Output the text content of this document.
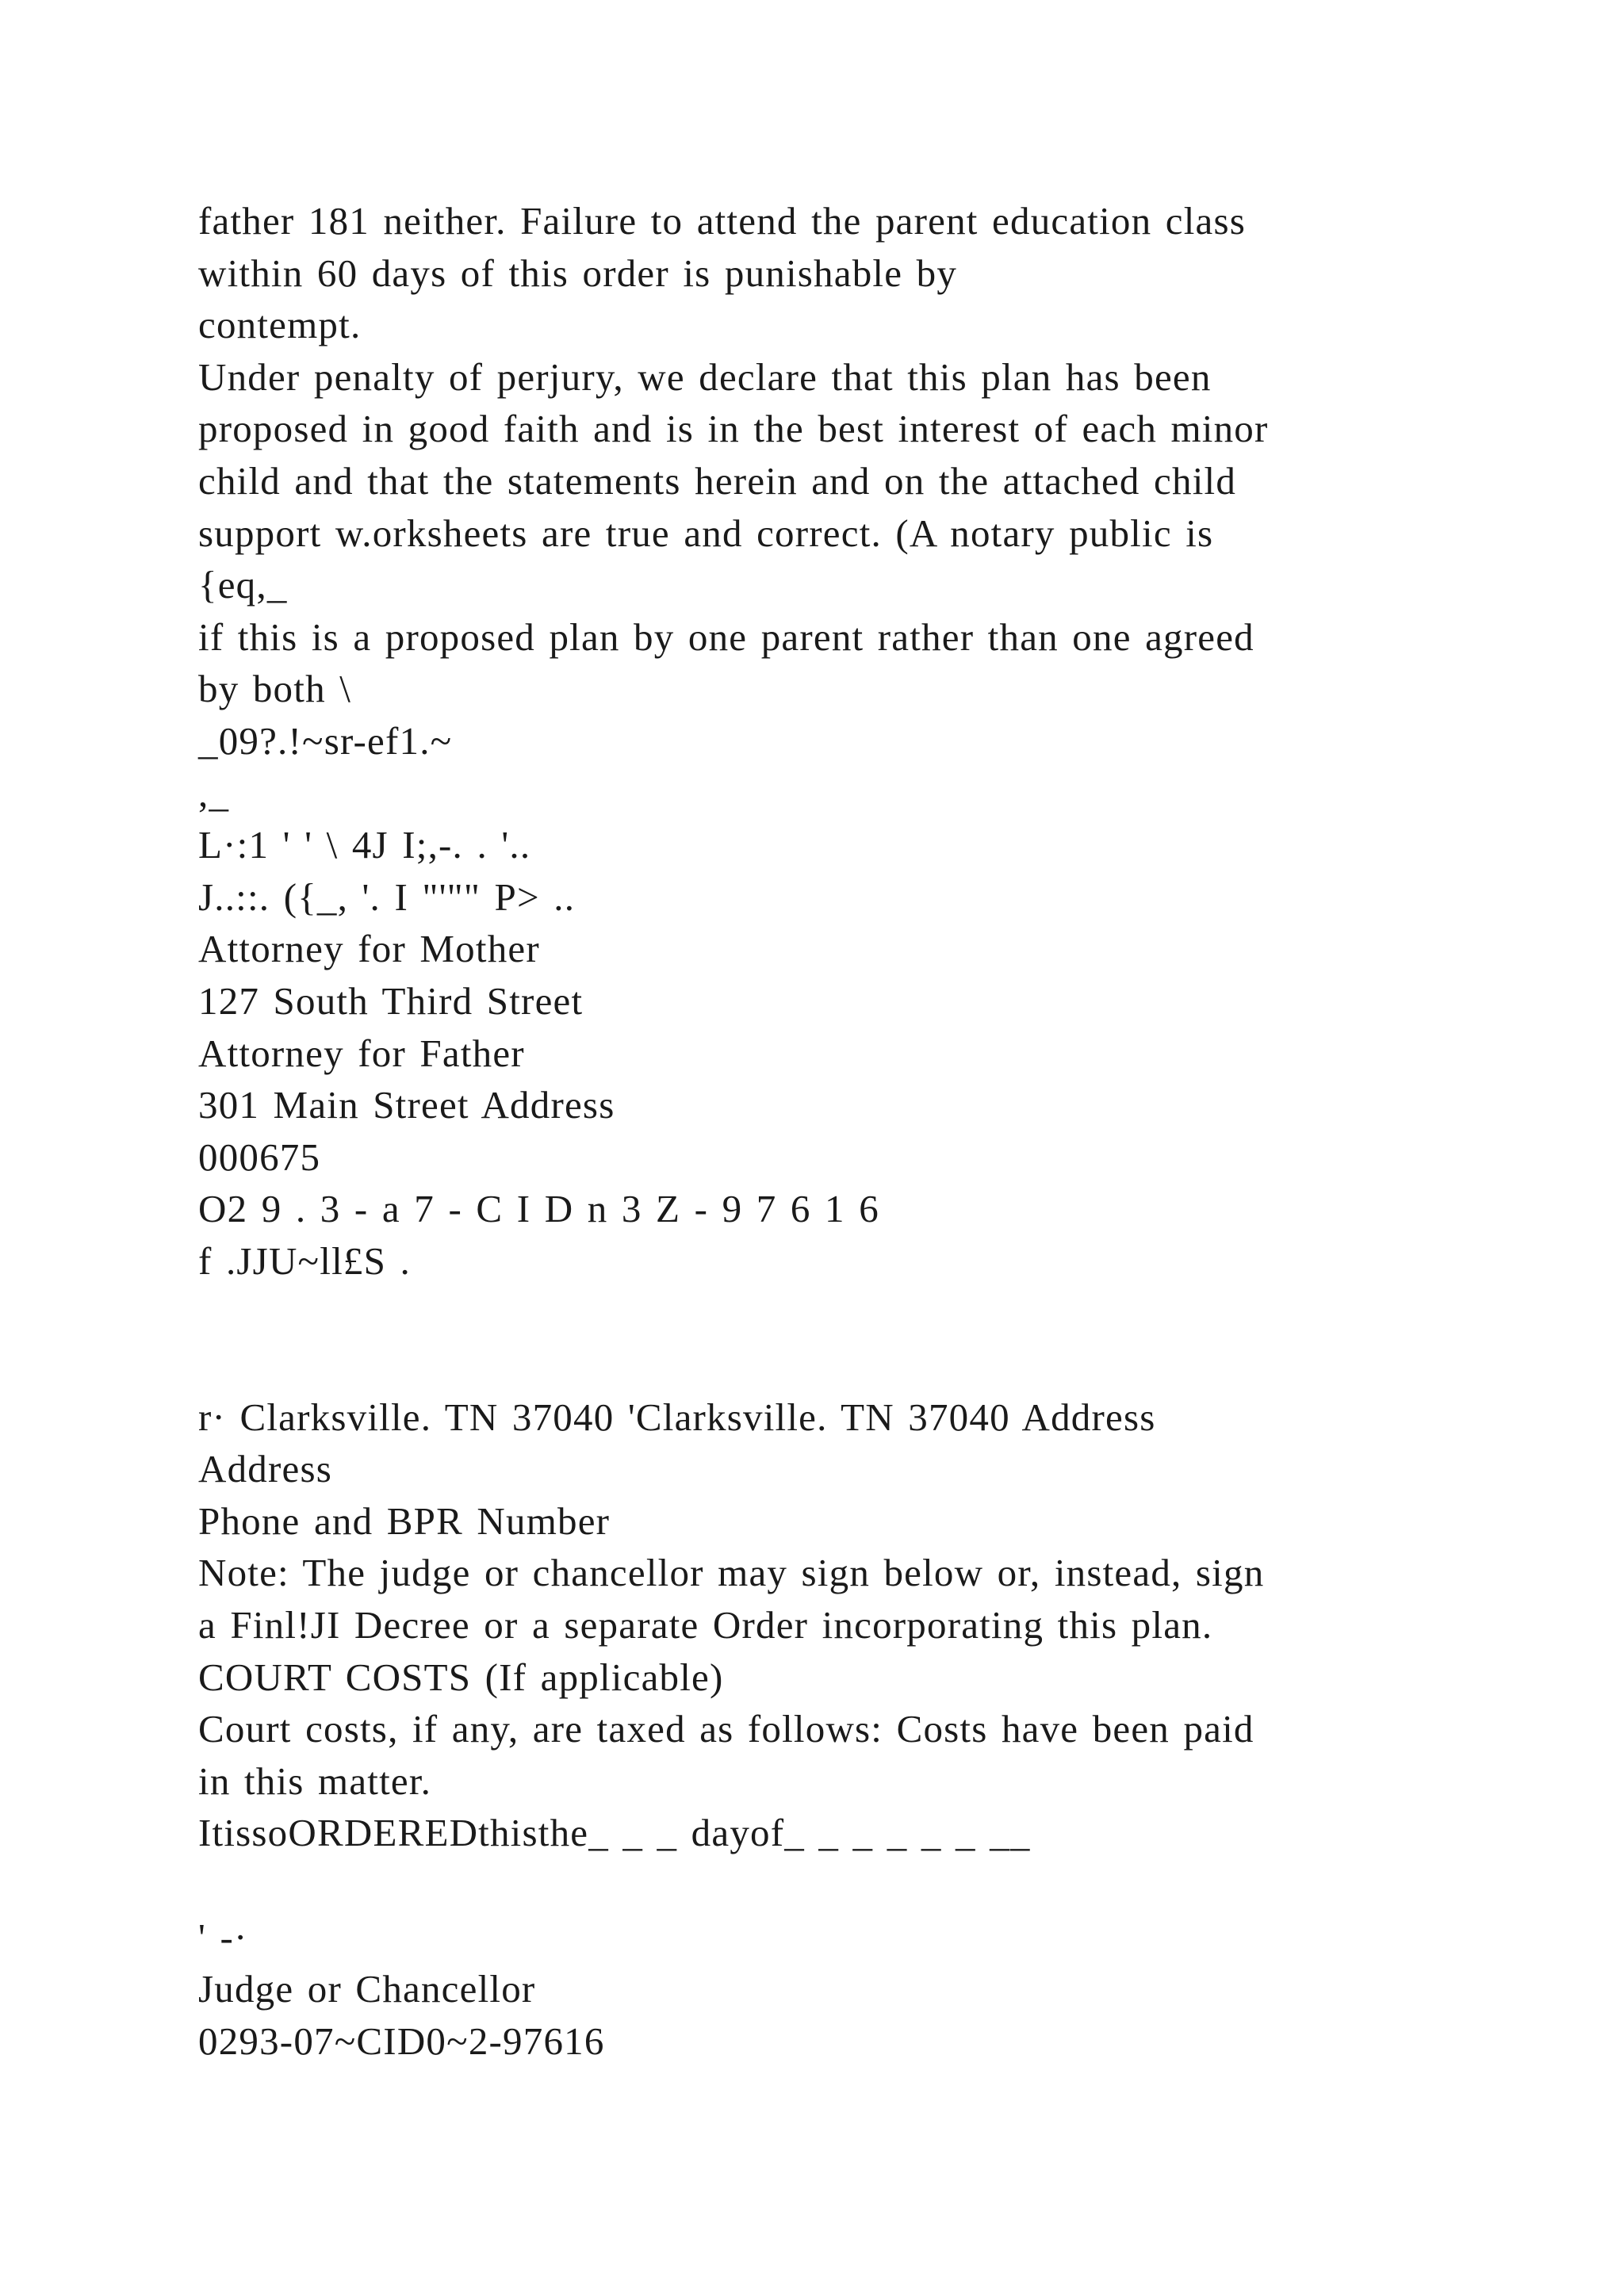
father 181 neither. Failure to attend the parent education class
within 60 days of this order is punishable by
contempt.
Under penalty of perjury, we declare that this plan has been
proposed in good faith and is in the best interest of each minor
child and that the statements herein and on the attached child
support w.orksheets are true and correct. (A notary public is
{eq,_
if this is a proposed plan by one parent rather than one agreed
by both \
_09?.!~sr-ef1.~
,_
L·:1 ' ' \ 4J I;,-. . '..
J..::. ({_, '. I "'"" P> ..
Attorney for Mother
127 South Third Street
Attorney for Father
301 Main Street Address
000675
O2 9 . 3 - a 7 - C I D n 3 Z - 9 7 6 1 6
f .JJU~ll£S .
r· Clarksville. TN 37040 'Clarksville. TN 37040 Address
Address
Phone and BPR Number
Note: The judge or chancellor may sign below or, instead, sign
a Finl!JI Decree or a separate Order incorporating this plan.
COURT COSTS (If applicable)
Court costs, if any, are taxed as follows: Costs have been paid
in this matter.
ItissoORDEREDthisthe_ _ _ dayof_ _ _ _ _ _ __
' -·
Judge or Chancellor
0293-07~CID0~2-97616
